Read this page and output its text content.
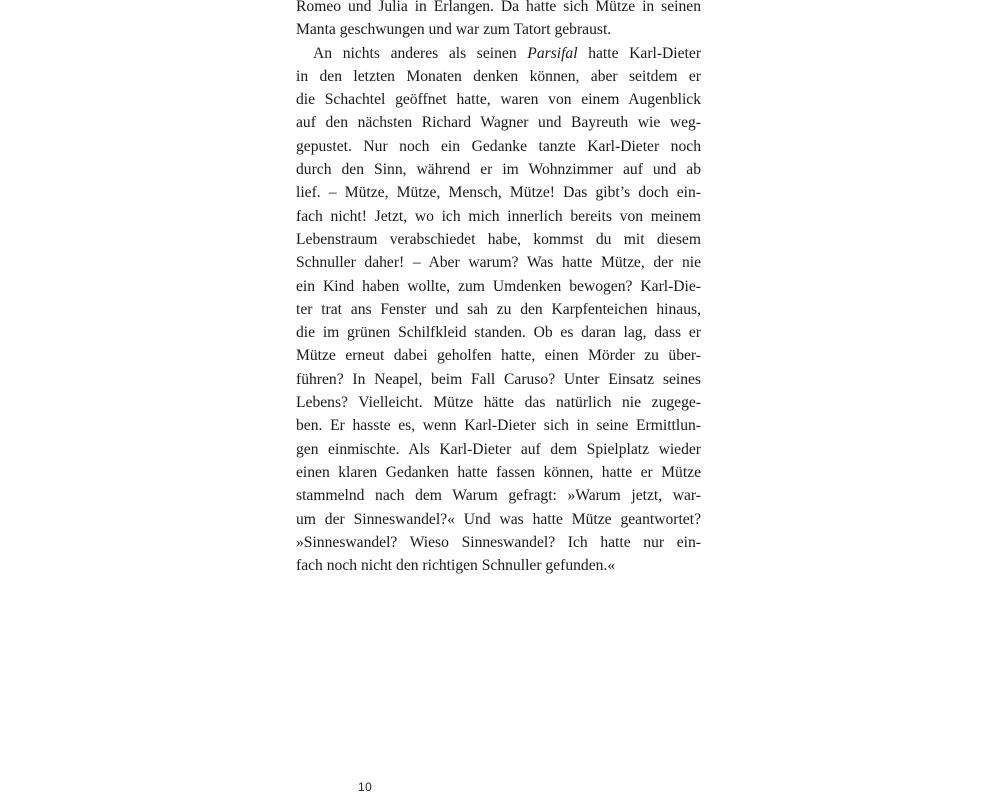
Romeo und Julia in Erlangen. Da hatte sich Mütze in seinen
Manta geschwungen und war zum Tatort gebraust.
An nichts anderes als seinen Parsifal hatte Karl-Dieter
in den letzten Monaten denken können, aber seitdem er
die Schachtel geöffnet hatte, waren von einem Augenblick
auf den nächsten Richard Wagner und Bayreuth wie weg-
gepustet. Nur noch ein Gedanke tanzte Karl-Dieter noch
durch den Sinn, während er im Wohnzimmer auf und ab
lief. – Mütze, Mütze, Mensch, Mütze! Das gibt’s doch ein-
fach nicht! Jetzt, wo ich mich innerlich bereits von meinem
Lebenstraum verabschiedet habe, kommst du mit diesem
Schnuller daher! – Aber warum? Was hatte Mütze, der nie
ein Kind haben wollte, zum Umdenken bewogen? Karl-Die-
ter trat ans Fenster und sah zu den Karpfenteichen hinaus,
die im grünen Schilfkleid standen. Ob es daran lag, dass er
Mütze erneut dabei geholfen hatte, einen Mörder zu über-
führen? In Neapel, beim Fall Caruso? Unter Einsatz seines
Lebens? Vielleicht. Mütze hätte das natürlich nie zugege-
ben. Er hasste es, wenn Karl-Dieter sich in seine Ermittlun-
gen einmischte. Als Karl-Dieter auf dem Spielplatz wieder
einen klaren Gedanken hatte fassen können, hatte er Mütze
stammelnd nach dem Warum gefragt: »Warum jetzt, war-
um der Sinneswandel?« Und was hatte Mütze geantwortet?
»Sinneswandel? Wieso Sinneswandel? Ich hatte nur ein-
fach noch nicht den richtigen Schnuller gefunden.«
10
